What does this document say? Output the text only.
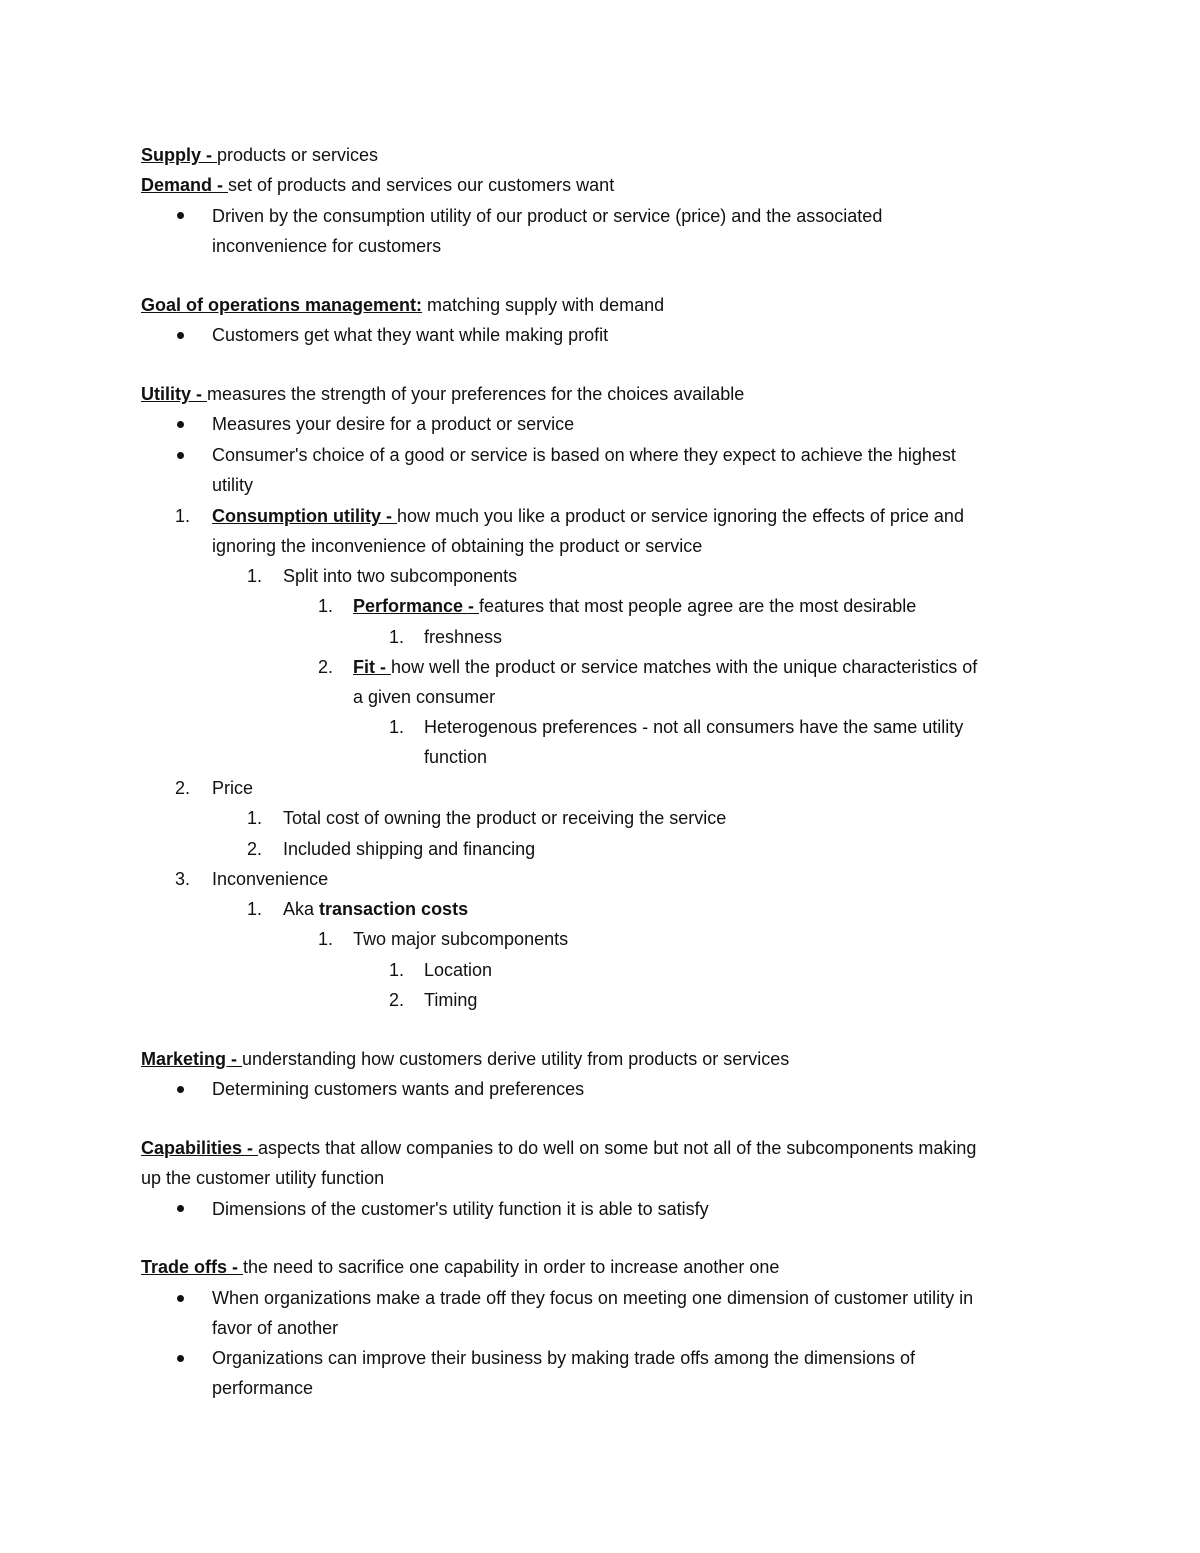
Supply - products or services
Demand - set of products and services our customers want
Driven by the consumption utility of our product or service (price) and the associated
inconvenience for customers
Goal of operations management: matching supply with demand
Customers get what they want while making profit
Utility - measures the strength of your preferences for the choices available
Measures your desire for a product or service
Consumer's choice of a good or service is based on where they expect to achieve the highest
utility
1. Consumption utility - how much you like a product or service ignoring the effects of price and
ignoring the inconvenience of obtaining the product or service
1. Split into two subcomponents
1. Performance - features that most people agree are the most desirable
1. freshness
2. Fit - how well the product or service matches with the unique characteristics of
a given consumer
1. Heterogenous preferences - not all consumers have the same utility
function
2. Price
1. Total cost of owning the product or receiving the service
2. Included shipping and financing
3. Inconvenience
1. Aka transaction costs
1. Two major subcomponents
1. Location
2. Timing
Marketing - understanding how customers derive utility from products or services
Determining customers wants and preferences
Capabilities - aspects that allow companies to do well on some but not all of the subcomponents making
up the customer utility function
Dimensions of the customer's utility function it is able to satisfy
Trade offs - the need to sacrifice one capability in order to increase another one
When organizations make a trade off they focus on meeting one dimension of customer utility in
favor of another
Organizations can improve their business by making trade offs among the dimensions of
performance
